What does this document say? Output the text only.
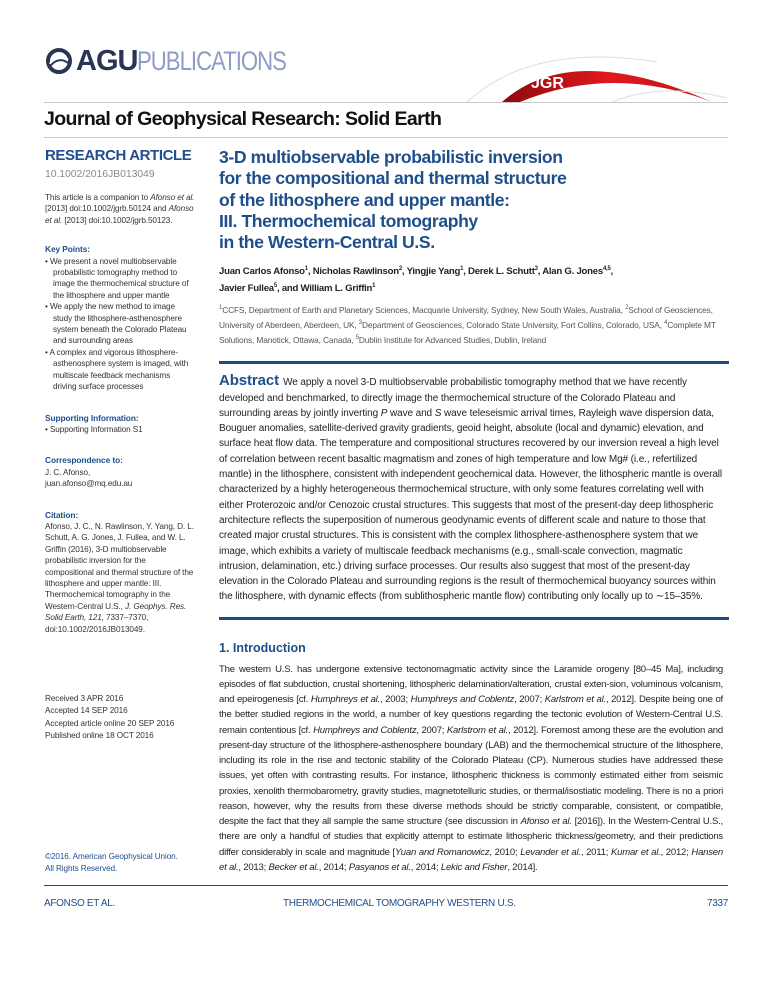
AGU PUBLICATIONS
JGR
Journal of Geophysical Research: Solid Earth
RESEARCH ARTICLE
10.1002/2016JB013049
This article is a companion to Afonso et al. [2013] doi:10.1002/jgrb.50124 and Afonso et al. [2013] doi:10.1002/jgrb.50123.
Key Points:
• We present a novel multiobservable probabilistic tomography method to image the thermochemical structure of the lithosphere and upper mantle
• We apply the new method to image study the lithosphere-asthenosphere system beneath the Colorado Plateau and surrounding areas
• A complex and vigorous lithosphere-asthenosphere system is imaged, with multiscale feedback mechanisms driving surface processes
Supporting Information:
• Supporting Information S1
Correspondence to:
J. C. Afonso,
juan.afonso@mq.edu.au
Citation:
Afonso, J. C., N. Rawlinson, Y. Yang, D. L. Schutt, A. G. Jones, J. Fullea, and W. L. Griffin (2016), 3-D multiobservable probabilistic inversion for the compositional and thermal structure of the lithosphere and upper mantle: III. Thermochemical tomography in the Western-Central U.S., J. Geophys. Res. Solid Earth, 121, 7337–7370, doi:10.1002/2016JB013049.
Received 3 APR 2016
Accepted 14 SEP 2016
Accepted article online 20 SEP 2016
Published online 18 OCT 2016
©2016. American Geophysical Union.
All Rights Reserved.
3-D multiobservable probabilistic inversion
for the compositional and thermal structure
of the lithosphere and upper mantle:
III. Thermochemical tomography
in the Western-Central U.S.
Juan Carlos Afonso$^1$, Nicholas Rawlinson$^2$, Yingjie Yang$^1$, Derek L. Schutt$^3$, Alan G. Jones$^{4,5}$,
Javier Fullea$^5$, and William L. Griffin$^1$
$^1$CCFS, Department of Earth and Planetary Sciences, Macquarie University, Sydney, New South Wales, Australia, $^2$School of Geosciences, University of Aberdeen, Aberdeen, UK, $^3$Department of Geosciences, Colorado State University, Fort Collins, Colorado, USA, $^4$Complete MT Solutions, Manotick, Ottawa, Canada, $^5$Dublin Institute for Advanced Studies, Dublin, Ireland
Abstract We apply a novel 3-D multiobservable probabilistic tomography method that we have recently developed and benchmarked, to directly image the thermochemical structure of the Colorado Plateau and surrounding areas by jointly inverting P wave and S wave teleseismic arrival times, Rayleigh wave dispersion data, Bouguer anomalies, satellite-derived gravity gradients, geoid height, absolute (local and dynamic) elevation, and surface heat flow data. The temperature and compositional structures recovered by our inversion reveal a high level of correlation between recent basaltic magmatism and zones of high temperature and low Mg# (i.e., refertilized mantle) in the lithosphere, consistent with independent geochemical data. However, the lithospheric mantle is overall characterized by a highly heterogeneous thermochemical structure, with only some features correlating well with either Proterozoic and/or Cenozoic crustal structures. This suggests that most of the present-day deep lithospheric architecture reflects the superposition of numerous geodynamic events of different scale and nature to those that created major crustal structures. This is consistent with the complex lithosphere-asthenosphere system that we image, which exhibits a variety of multiscale feedback mechanisms (e.g., small-scale convection, magmatic intrusion, delamination, etc.) driving surface processes. Our results also suggest that most of the present-day elevation in the Colorado Plateau and surrounding regions is the result of thermochemical buoyancy sources within the lithosphere, with dynamic effects (from sublithospheric mantle flow) contributing only locally up to ∼15–35%.
1. Introduction
The western U.S. has undergone extensive tectonomagmatic activity since the Laramide orogeny [80–45 Ma], including episodes of flat subduction, crustal shortening, lithospheric delamination/alteration, crustal exten-sion, voluminous volcanism, and epeirogenesis [cf. Humphreys et al., 2003; Humphreys and Coblentz, 2007; Karlstrom et al., 2012]. Despite being one of the better studied regions in the world, a number of key questions regarding the tectonic evolution of Western-Central U.S. remain contentious [cf. Humphreys and Coblentz, 2007; Karlstrom et al., 2012]. Foremost among these are the evolution and present-day structure of the lithosphere-asthenosphere boundary (LAB) and the thermochemical structure of the lithosphere, including its role in the rise and tectonic stability of the Colorado Plateau (CP). Numerous studies have addressed these issues, yet often with contrasting results. For instance, lithospheric thickness is commonly estimated either from seismic proxies, xenolith thermobarometry, gravity studies, magnetotelluric studies, or thermal/isostiatic modeling. There is no a priori reason, however, why the results from these diverse methods should be strictly comparable, consistent, or compatible, despite the fact that they all sample the same structure (see discussion in Afonso et al. [2016]). In the Western-Central U.S., there are only a handful of studies that explicitly attempt to estimate lithospheric thickness/geometry, and their predictions differ considerably in scale and magnitude [Yuan and Romanowicz, 2010; Levander et al., 2011; Kumar et al., 2012; Hansen et al., 2013; Becker et al., 2014; Pasyanos et al., 2014; Lekic and Fisher, 2014].
AFONSO ET AL.	THERMOCHEMICAL TOMOGRAPHY WESTERN U.S.	7337
